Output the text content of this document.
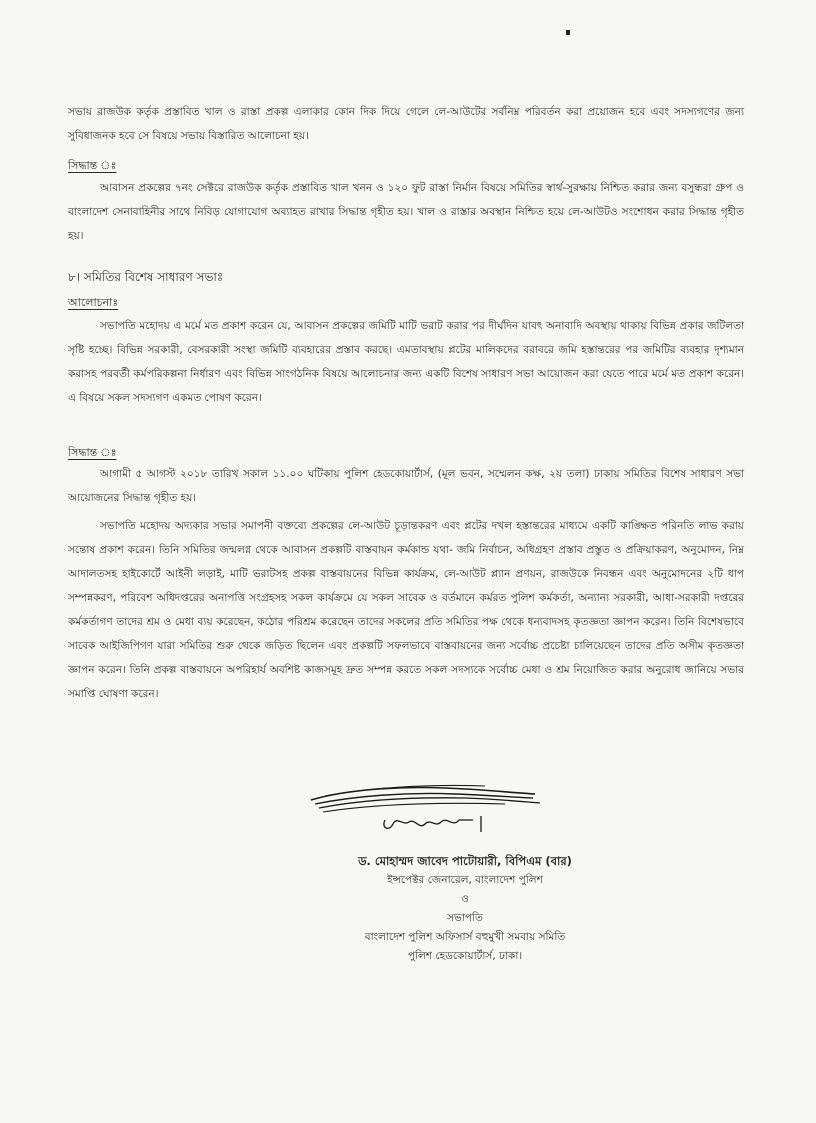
সভায় রাজউক কর্তৃক প্রস্তাবিত খাল ও রাস্তা প্রকল্প এলাকার কোন দিক দিয়ে গেলে লে-আউটের সর্বনিম্ন পরিবর্তন করা প্রয়োজন হবে এবং সদস্যগণের জন্য সুবিধাজনক হবে সে বিষয়ে সভায় বিস্তারিত আলোচনা হয়।

সিদ্ধান্ত ঃ

আবাসন প্রকল্পের ৭নং সেক্টরে রাজউক কর্তৃক প্রস্তাবিত খাল খনন ও ১২০ ফুট রাস্তা নির্মান বিষয়ে সমিতির স্বার্থ-সুরক্ষায় নিশ্চিত করার জন্য বসুন্ধরা গ্রুপ ও বাংলাদেশ সেনাবাহিনীর সাথে নিবিড় যোগাযোগ অব্যাহত রাখার সিদ্ধান্ত গৃহীত হয়। খাল ও রাস্তার অবস্থান নিশ্চিত হয়ে লে-আউটও সংশোধন করার সিদ্ধান্ত গৃহীত হয়।

৮। সমিতির বিশেষ সাধারণ সভাঃ
আলোচনাঃ

সভাপতি মহোদয় এ মর্মে মত প্রকাশ করেন যে, আবাসন প্রকল্পের জমিটি মাটি ভরাট করার পর দীর্ঘদিন যাবৎ অনাবাদি অবস্থায় থাকায় বিভিন্ন প্রকার জটিলতা সৃষ্টি হচ্ছে। বিভিন্ন সরকারী, বেসরকারী সংস্থা জমিটি ব্যবহারের প্রস্তাব করছে। এমতাবস্থায় প্লটের মালিকদের বরাবরে জমি হস্তান্তরের পর জমিটির ব্যবহার দৃশ্যমান করাসহ পরবর্তী কর্মপরিকল্পনা নির্ধারণ এবং বিভিন্ন সাংগঠনিক বিষয়ে আলোচনার জন্য একটি বিশেষ সাধারণ সভা আয়োজন করা যেতে পারে মর্মে মত প্রকাশ করেন। এ বিষয়ে সকল সদস্যগণ একমত পোষণ করেন।

সিদ্ধান্ত ঃ

আগামী ৫ আগস্ট ২০১৮ তারিখ সকাল ১১.০০ ঘটিকায় পুলিশ হেডকোয়ার্টার্স, (মূল ভবন, সম্মেলন কক্ষ, ২য় তলা) ঢাকায় সমিতির বিশেষ সাধারণ সভা আয়োজনের সিদ্ধান্ত গৃহীত হয়।

সভাপতি মহোদয় অদ্যকার সভার সমাপনী বক্তব্যে প্রকল্পের লে-আউট চূড়ান্তকরণ এবং প্লটের দখল হস্তান্তরের মাধ্যমে একটি কাঙ্ক্ষিত পরিনতি লাভ করায় সন্তোষ প্রকাশ করেন। তিনি সমিতির জন্মলগ্ন থেকে আবাসন প্রকল্পটি বাস্তবায়ন কর্মকান্ড যথা- জমি নির্বাচন, অধিগ্রহণ প্রস্তাব প্রস্তুত ও প্রক্রিয়াকরণ, অনুমোদন, নিম্ন আদালতসহ হাইকোর্টে আইনী লড়াই, মাটি ভরাটসহ প্রকল্প বাস্তবায়নের বিভিন্ন কার্যক্রম, লে-আউট প্ল্যান প্রণয়ন, রাজউকে নিবন্ধন এবং অনুমোদনের ২টি ধাপ সম্পন্নকরণ, পরিবেশ অধিদপ্তরের অনাপত্তি সংগ্রহসহ সকল কার্যক্রমে যে সকল সাবেক ও বর্তমানে কর্মরত পুলিশ কর্মকর্তা, অন্যান্য সরকারী, আধা-সরকারী দপ্তরের কর্মকর্তাগণ তাদের শ্রম ও মেধা ব্যয় করেছেন, কঠোর পরিশ্রম করেছেন তাদের সকলের প্রতি সমিতির পক্ষ থেকে ধন্যবাদসহ কৃতজ্ঞতা জ্ঞাপন করেন। তিনি বিশেষভাবে সাবেক আইজিপিগণ যারা সমিতির শুরু থেকে জড়িত ছিলেন এবং প্রকল্পটি সফলভাবে বাস্তবায়নের জন্য সর্বোচ্চ প্রচেষ্টা চালিয়েছেন তাদের প্রতি অসীম কৃতজ্ঞতা জ্ঞাপন করেন। তিনি প্রকল্প বাস্তবায়নে অপরিহার্য অবশিষ্ট কাজসমূহ দ্রুত সম্পন্ন করতে সকল সদস্যকে সর্বোচ্চ মেধা ও শ্রম নিয়োজিত করার অনুরোধ জানিয়ে সভার সমাপ্তি ঘোষণা করেন।

ড. মোহাম্মদ জাবেদ পাটোয়ারী, বিপিএম (বার)
ইন্সপেক্টর জেনারেল, বাংলাদেশ পুলিশ
ও
সভাপতি
বাংলাদেশ পুলিশ অফিসার্স বহুমুখী সমবায় সমিতি
পুলিশ হেডকোয়ার্টার্স, ঢাকা।
